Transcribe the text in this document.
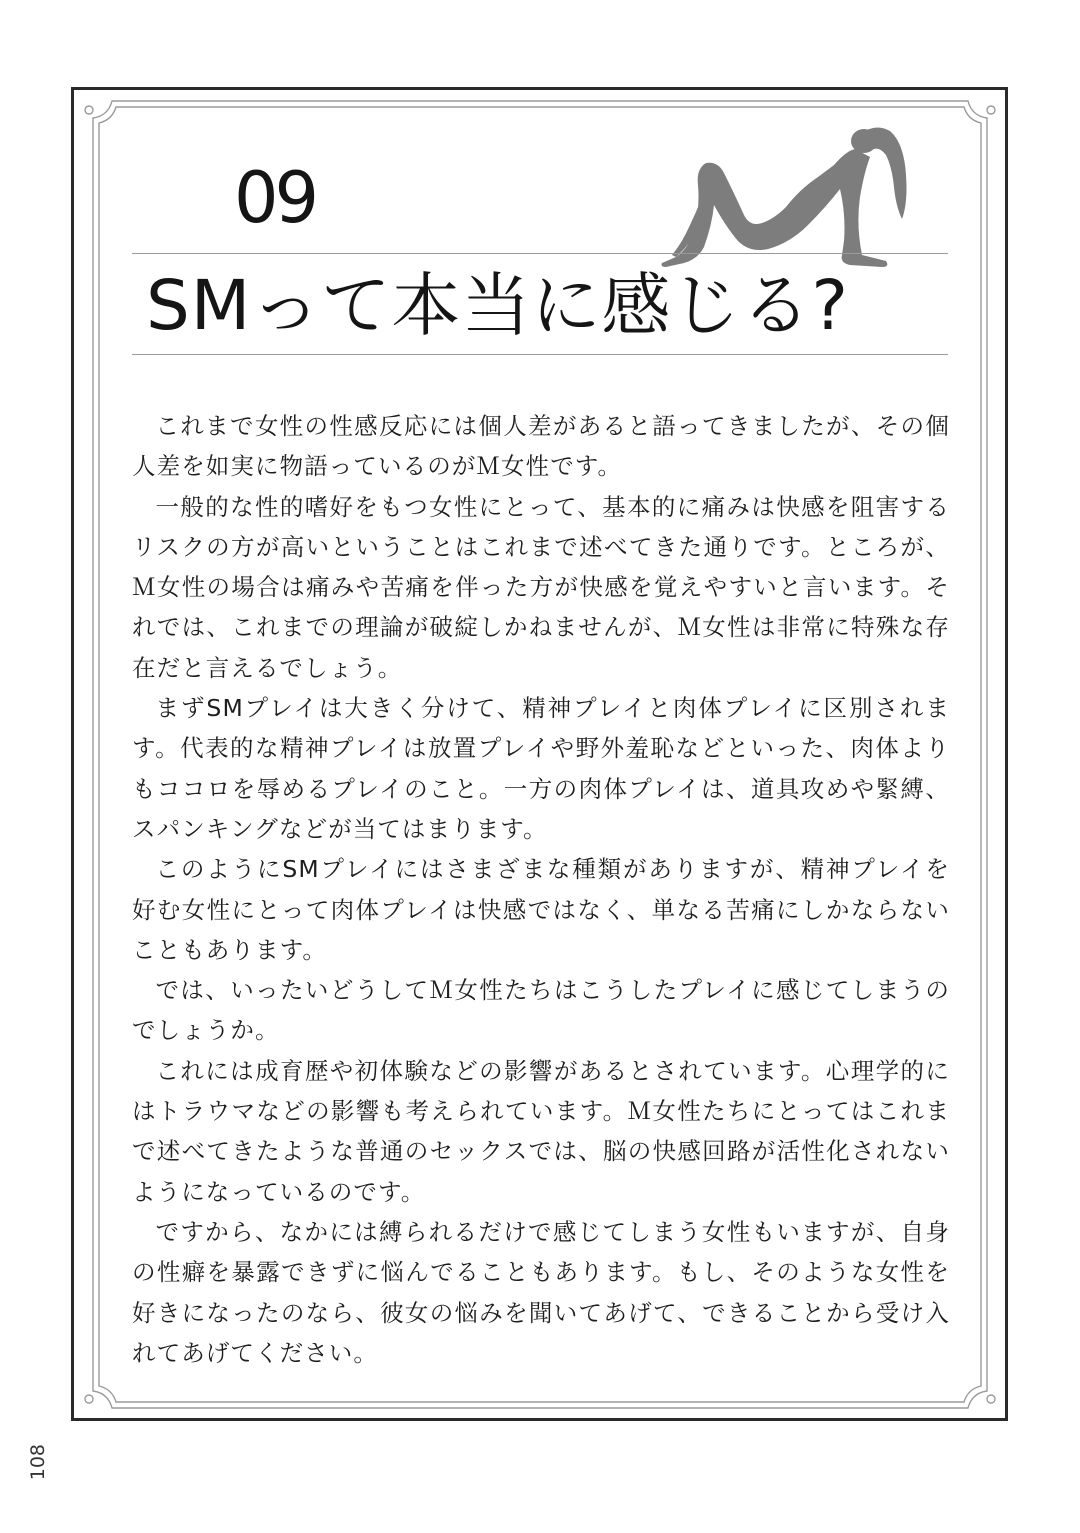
09
SMって本当に感じる?

これまで女性の性感反応には個人差があると語ってきましたが、その個人差を如実に物語っているのがＭ女性です。

一般的な性的嗜好をもつ女性にとって、基本的に痛みは快感を阻害するリスクの方が高いということはこれまで述べてきた通りです。ところが、Ｍ女性の場合は痛みや苦痛を伴った方が快感を覚えやすいと言います。それでは、これまでの理論が破綻しかねませんが、Ｍ女性は非常に特殊な存在だと言えるでしょう。

まずSMプレイは大きく分けて、精神プレイと肉体プレイに区別されます。代表的な精神プレイは放置プレイや野外羞恥などといった、肉体よりもココロを辱めるプレイのこと。一方の肉体プレイは、道具攻めや緊縛、スパンキングなどが当てはまります。

このようにSMプレイにはさまざまな種類がありますが、精神プレイを好む女性にとって肉体プレイは快感ではなく、単なる苦痛にしかならないこともあります。

では、いったいどうしてＭ女性たちはこうしたプレイに感じてしまうのでしょうか。

これには成育歴や初体験などの影響があるとされています。心理学的にはトラウマなどの影響も考えられています。Ｍ女性たちにとってはこれまで述べてきたような普通のセックスでは、脳の快感回路が活性化されないようになっているのです。

ですから、なかには縛られるだけで感じてしまう女性もいますが、自身の性癖を暴露できずに悩んでることもあります。もし、そのような女性を好きになったのなら、彼女の悩みを聞いてあげて、できることから受け入れてあげてください。

108
